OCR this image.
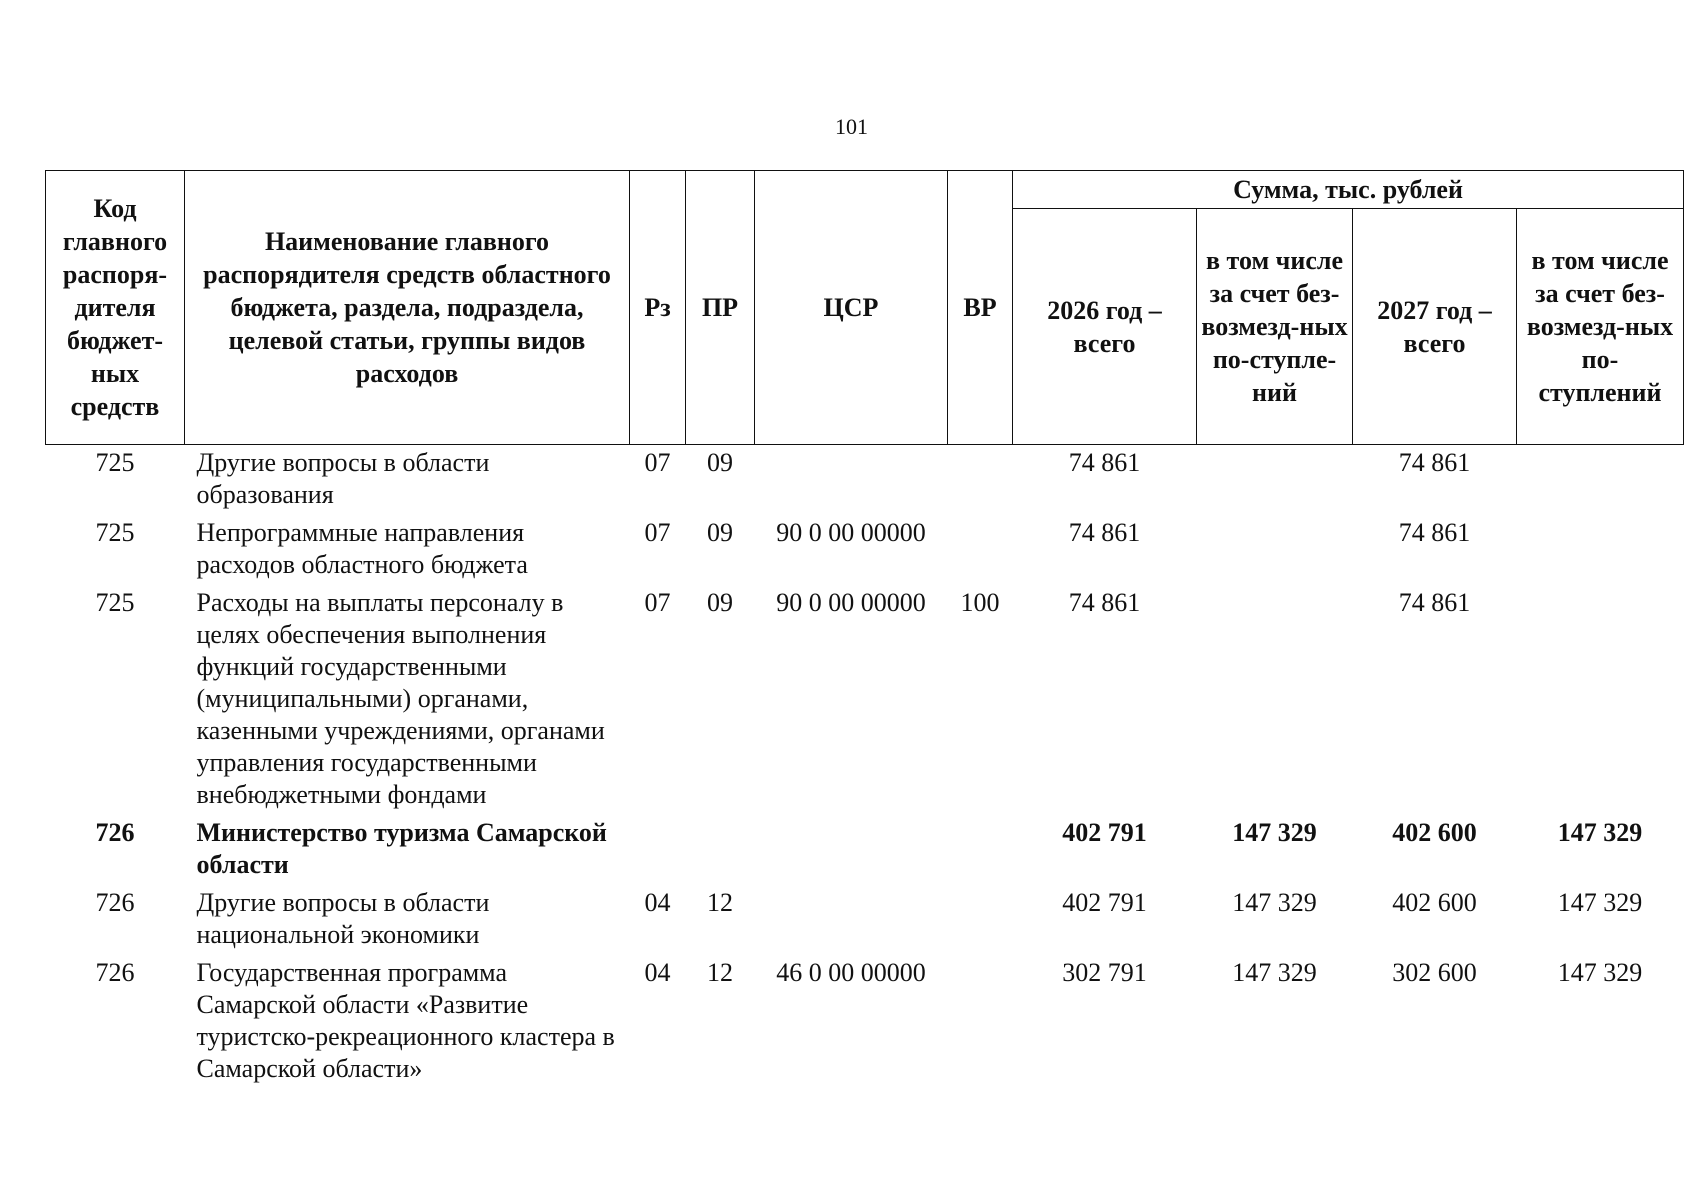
101
Код главного распоря-дителя бюджет-ных средств	Наименование главного распорядителя средств областного бюджета, раздела, подраздела, целевой статьи, группы видов расходов	Рз	ПР	ЦСР	ВР	Сумма, тыс. рублей			
						2026 год – всего	в том числе за счет без-возмезд-ных по-ступле-ний	2027 год – всего	в том числе за счет без-возмезд-ных по-ступлений
725	Другие вопросы в области образования	07	09			74 861		74 861	
725	Непрограммные направления расходов областного бюджета	07	09	90 0 00 00000		74 861		74 861	
725	Расходы на выплаты персоналу в целях обеспечения выполнения функций государственными (муниципальными) органами, казенными учреждениями, органами управления государственными внебюджетными фондами	07	09	90 0 00 00000	100	74 861		74 861	
726	Министерство туризма Самарской области					402 791	147 329	402 600	147 329
726	Другие вопросы в области национальной экономики	04	12			402 791	147 329	402 600	147 329
726	Государственная программа Самарской области «Развитие туристско-рекреационного кластера в Самарской области»	04	12	46 0 00 00000		302 791	147 329	302 600	147 329
